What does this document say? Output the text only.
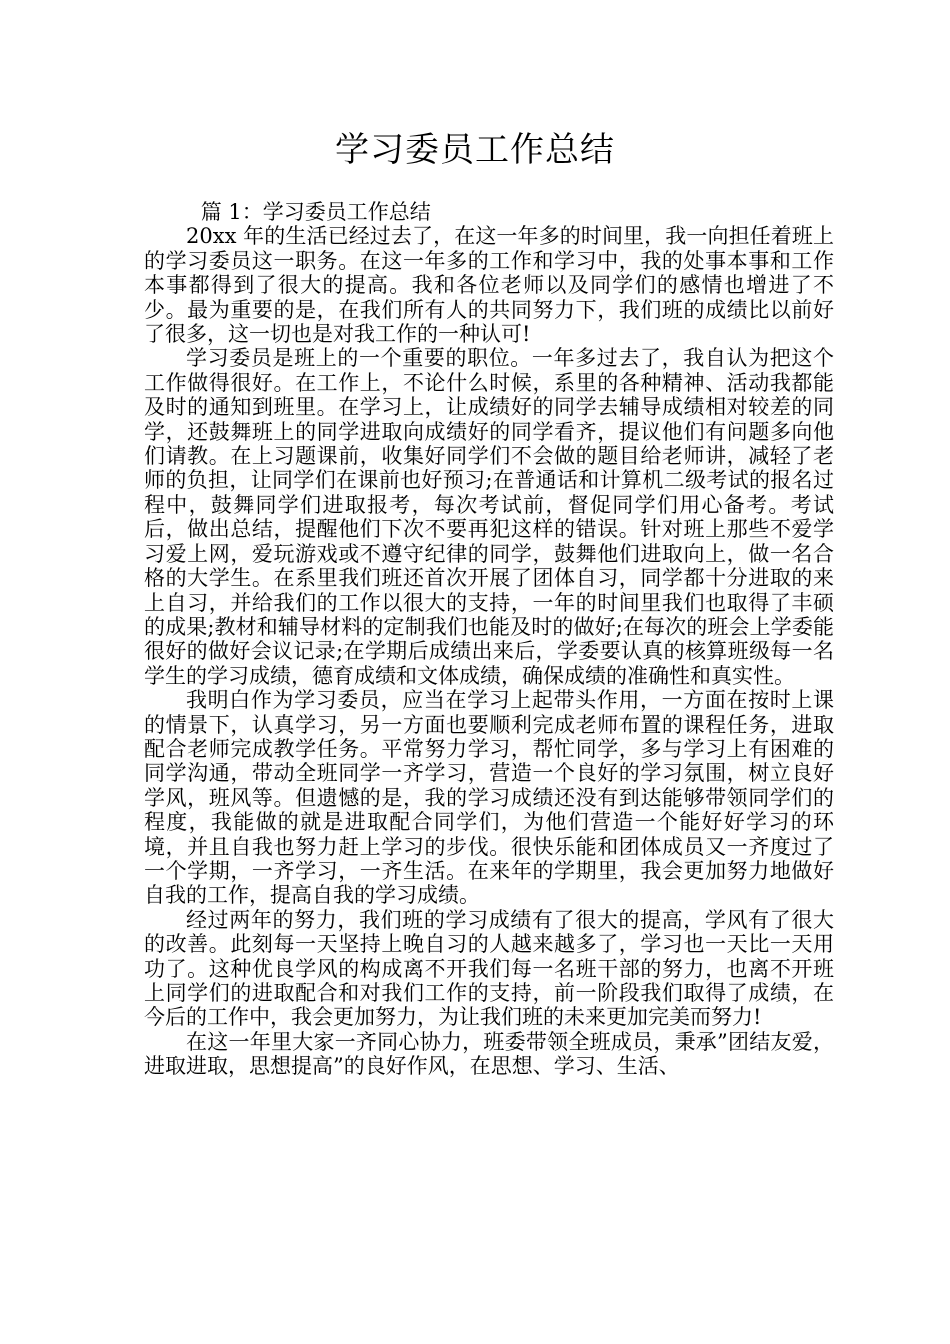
学习委员工作总结

篇 1：学习委员工作总结

20xx 年的生活已经过去了，在这一年多的时间里，我一向担任着班上的学习委员这一职务。在这一年多的工作和学习中，我的处事本事和工作本事都得到了很大的提高。我和各位老师以及同学们的感情也增进了不少。最为重要的是，在我们所有人的共同努力下，我们班的成绩比以前好了很多，这一切也是对我工作的一种认可!

学习委员是班上的一个重要的职位。一年多过去了，我自认为把这个工作做得很好。在工作上，不论什么时候，系里的各种精神、活动我都能及时的通知到班里。在学习上，让成绩好的同学去辅导成绩相对较差的同学，还鼓舞班上的同学进取向成绩好的同学看齐，提议他们有问题多向他们请教。在上习题课前，收集好同学们不会做的题目给老师讲，减轻了老师的负担，让同学们在课前也好预习;在普通话和计算机二级考试的报名过程中，鼓舞同学们进取报考，每次考试前，督促同学们用心备考。考试后，做出总结，提醒他们下次不要再犯这样的错误。针对班上那些不爱学习爱上网，爱玩游戏或不遵守纪律的同学，鼓舞他们进取向上，做一名合格的大学生。在系里我们班还首次开展了团体自习，同学都十分进取的来上自习，并给我们的工作以很大的支持，一年的时间里我们也取得了丰硕的成果;教材和辅导材料的定制我们也能及时的做好;在每次的班会上学委能很好的做好会议记录;在学期后成绩出来后，学委要认真的核算班级每一名学生的学习成绩，德育成绩和文体成绩，确保成绩的准确性和真实性。

我明白作为学习委员，应当在学习上起带头作用，一方面在按时上课的情景下，认真学习，另一方面也要顺利完成老师布置的课程任务，进取配合老师完成教学任务。平常努力学习，帮忙同学，多与学习上有困难的同学沟通，带动全班同学一齐学习，营造一个良好的学习氛围，树立良好学风，班风等。但遗憾的是，我的学习成绩还没有到达能够带领同学们的程度，我能做的就是进取配合同学们，为他们营造一个能好好学习的环境，并且自我也努力赶上学习的步伐。很快乐能和团体成员又一齐度过了一个学期，一齐学习，一齐生活。在来年的学期里，我会更加努力地做好自我的工作，提高自我的学习成绩。

经过两年的努力，我们班的学习成绩有了很大的提高，学风有了很大的改善。此刻每一天坚持上晚自习的人越来越多了，学习也一天比一天用功了。这种优良学风的构成离不开我们每一名班干部的努力，也离不开班上同学们的进取配合和对我们工作的支持，前一阶段我们取得了成绩，在今后的工作中，我会更加努力，为让我们班的未来更加完美而努力!

在这一年里大家一齐同心协力，班委带领全班成员，秉承”团结友爱，进取进取，思想提高”的良好作风，在思想、学习、生活、
